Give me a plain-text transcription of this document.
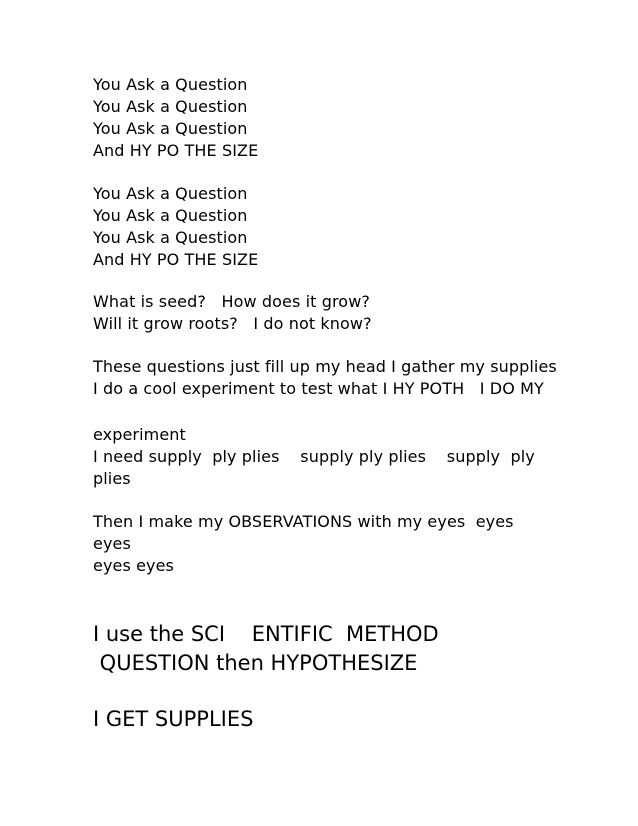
You Ask a Question
You Ask a Question
You Ask a Question
And HY PO THE SIZE
You Ask a Question
You Ask a Question
You Ask a Question
And HY PO THE SIZE
What is seed?   How does it grow?
Will it grow roots?   I do not know?
These questions just fill up my head I gather my supplies
I do a cool experiment to test what I HY POTH   I DO MY
experiment
I need supply  ply plies    supply ply plies    supply  ply
plies
Then I make my OBSERVATIONS with my eyes  eyes
eyes
eyes eyes
I use the SCI    ENTIFIC  METHOD
QUESTION then HYPOTHESIZE
I GET SUPPLIES
